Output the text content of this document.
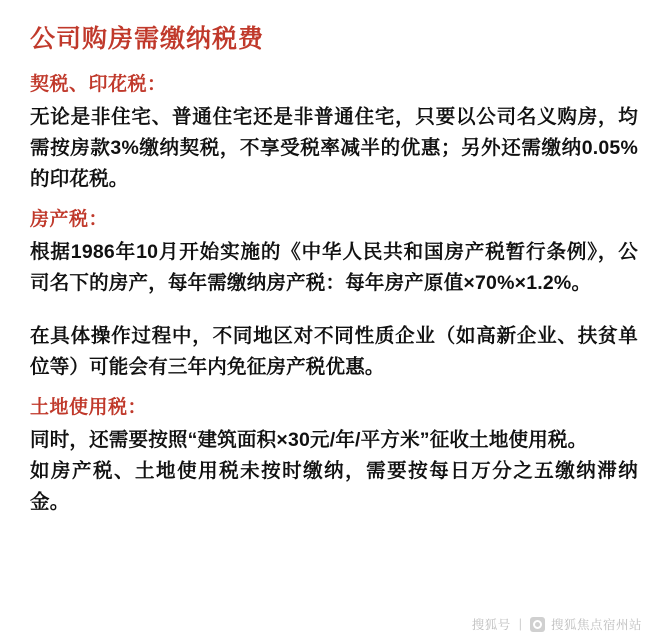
公司购房需缴纳税费
契税、印花税：

无论是非住宅、普通住宅还是非普通住宅，只要以公司名义购房，均需按房款3%缴纳契税，不享受税率减半的优惠；另外还需缴纳0.05%的印花税。

房产税：

根据1986年10月开始实施的《中华人民共和国房产税暂行条例》，公司名下的房产，每年需缴纳房产税：每年房产原值×70%×1.2%。

在具体操作过程中，不同地区对不同性质企业（如高新企业、扶贫单位等）可能会有三年内免征房产税优惠。

土地使用税：

同时，还需要按照“建筑面积×30元/年/平方米”征收土地使用税。

如房产税、土地使用税未按时缴纳，需要按每日万分之五缴纳滞纳金。

搜狐号 | 搜狐焦点宿州站
